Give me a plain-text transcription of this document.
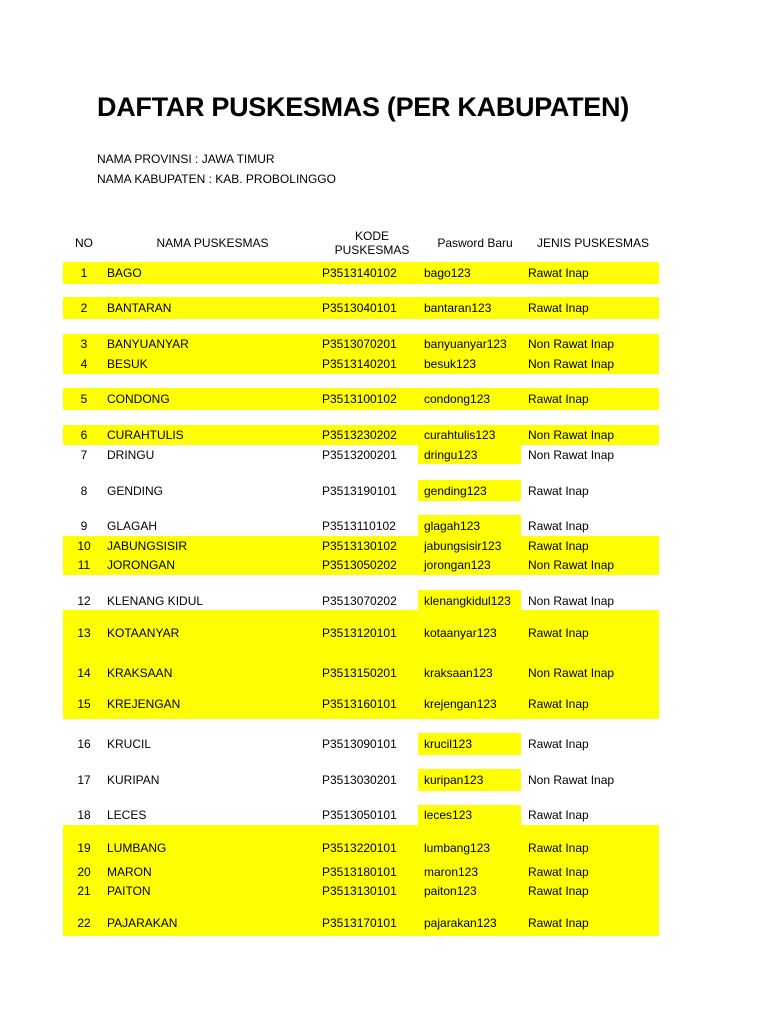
DAFTAR PUSKESMAS (PER KABUPATEN)
NAMA PROVINSI : JAWA TIMUR
NAMA KABUPATEN : KAB. PROBOLINGGO
NO	NAMA PUSKESMAS	KODE
PUSKESMAS	Pasword Baru	JENIS PUSKESMAS
1	BAGO	P3513140102 bago123	Rawat Inap
2	BANTARAN	P3513040101 bantaran123	Rawat Inap
3	BANYUANYAR	P3513070201 banyuanyar123 Non Rawat Inap
4	BESUK	P3513140201 besuk123	Non Rawat Inap
5	CONDONG	P3513100102 condong123	Rawat Inap
6	CURAHTULIS	P3513230202 curahtulis123	Non Rawat Inap
7	DRINGU	P3513200201 dringu123	Non Rawat Inap
8	GENDING	P3513190101 gending123	Rawat Inap
9	GLAGAH	P3513110102 glagah123	Rawat Inap
10	JABUNGSISIR	P3513130102 jabungsisir123 Rawat Inap
11	JORONGAN	P3513050202 jorongan123	Non Rawat Inap
12	KLENANG KIDUL	P3513070202 klenangkidul123 Non Rawat Inap
13	KOTAANYAR	P3513120101 kotaanyar123	Rawat Inap
14	KRAKSAAN	P3513150201 kraksaan123	Non Rawat Inap
15	KREJENGAN	P3513160101 krejengan123	Rawat Inap
16	KRUCIL	P3513090101 krucil123	Rawat Inap
17	KURIPAN	P3513030201 kuripan123	Non Rawat Inap
18	LECES	P3513050101 leces123	Rawat Inap
19	LUMBANG	P3513220101 lumbang123	Rawat Inap
20	MARON	P3513180101 maron123	Rawat Inap
21	PAITON	P3513130101 paiton123	Rawat Inap
22	PAJARAKAN	P3513170101 pajarakan123	Rawat Inap
